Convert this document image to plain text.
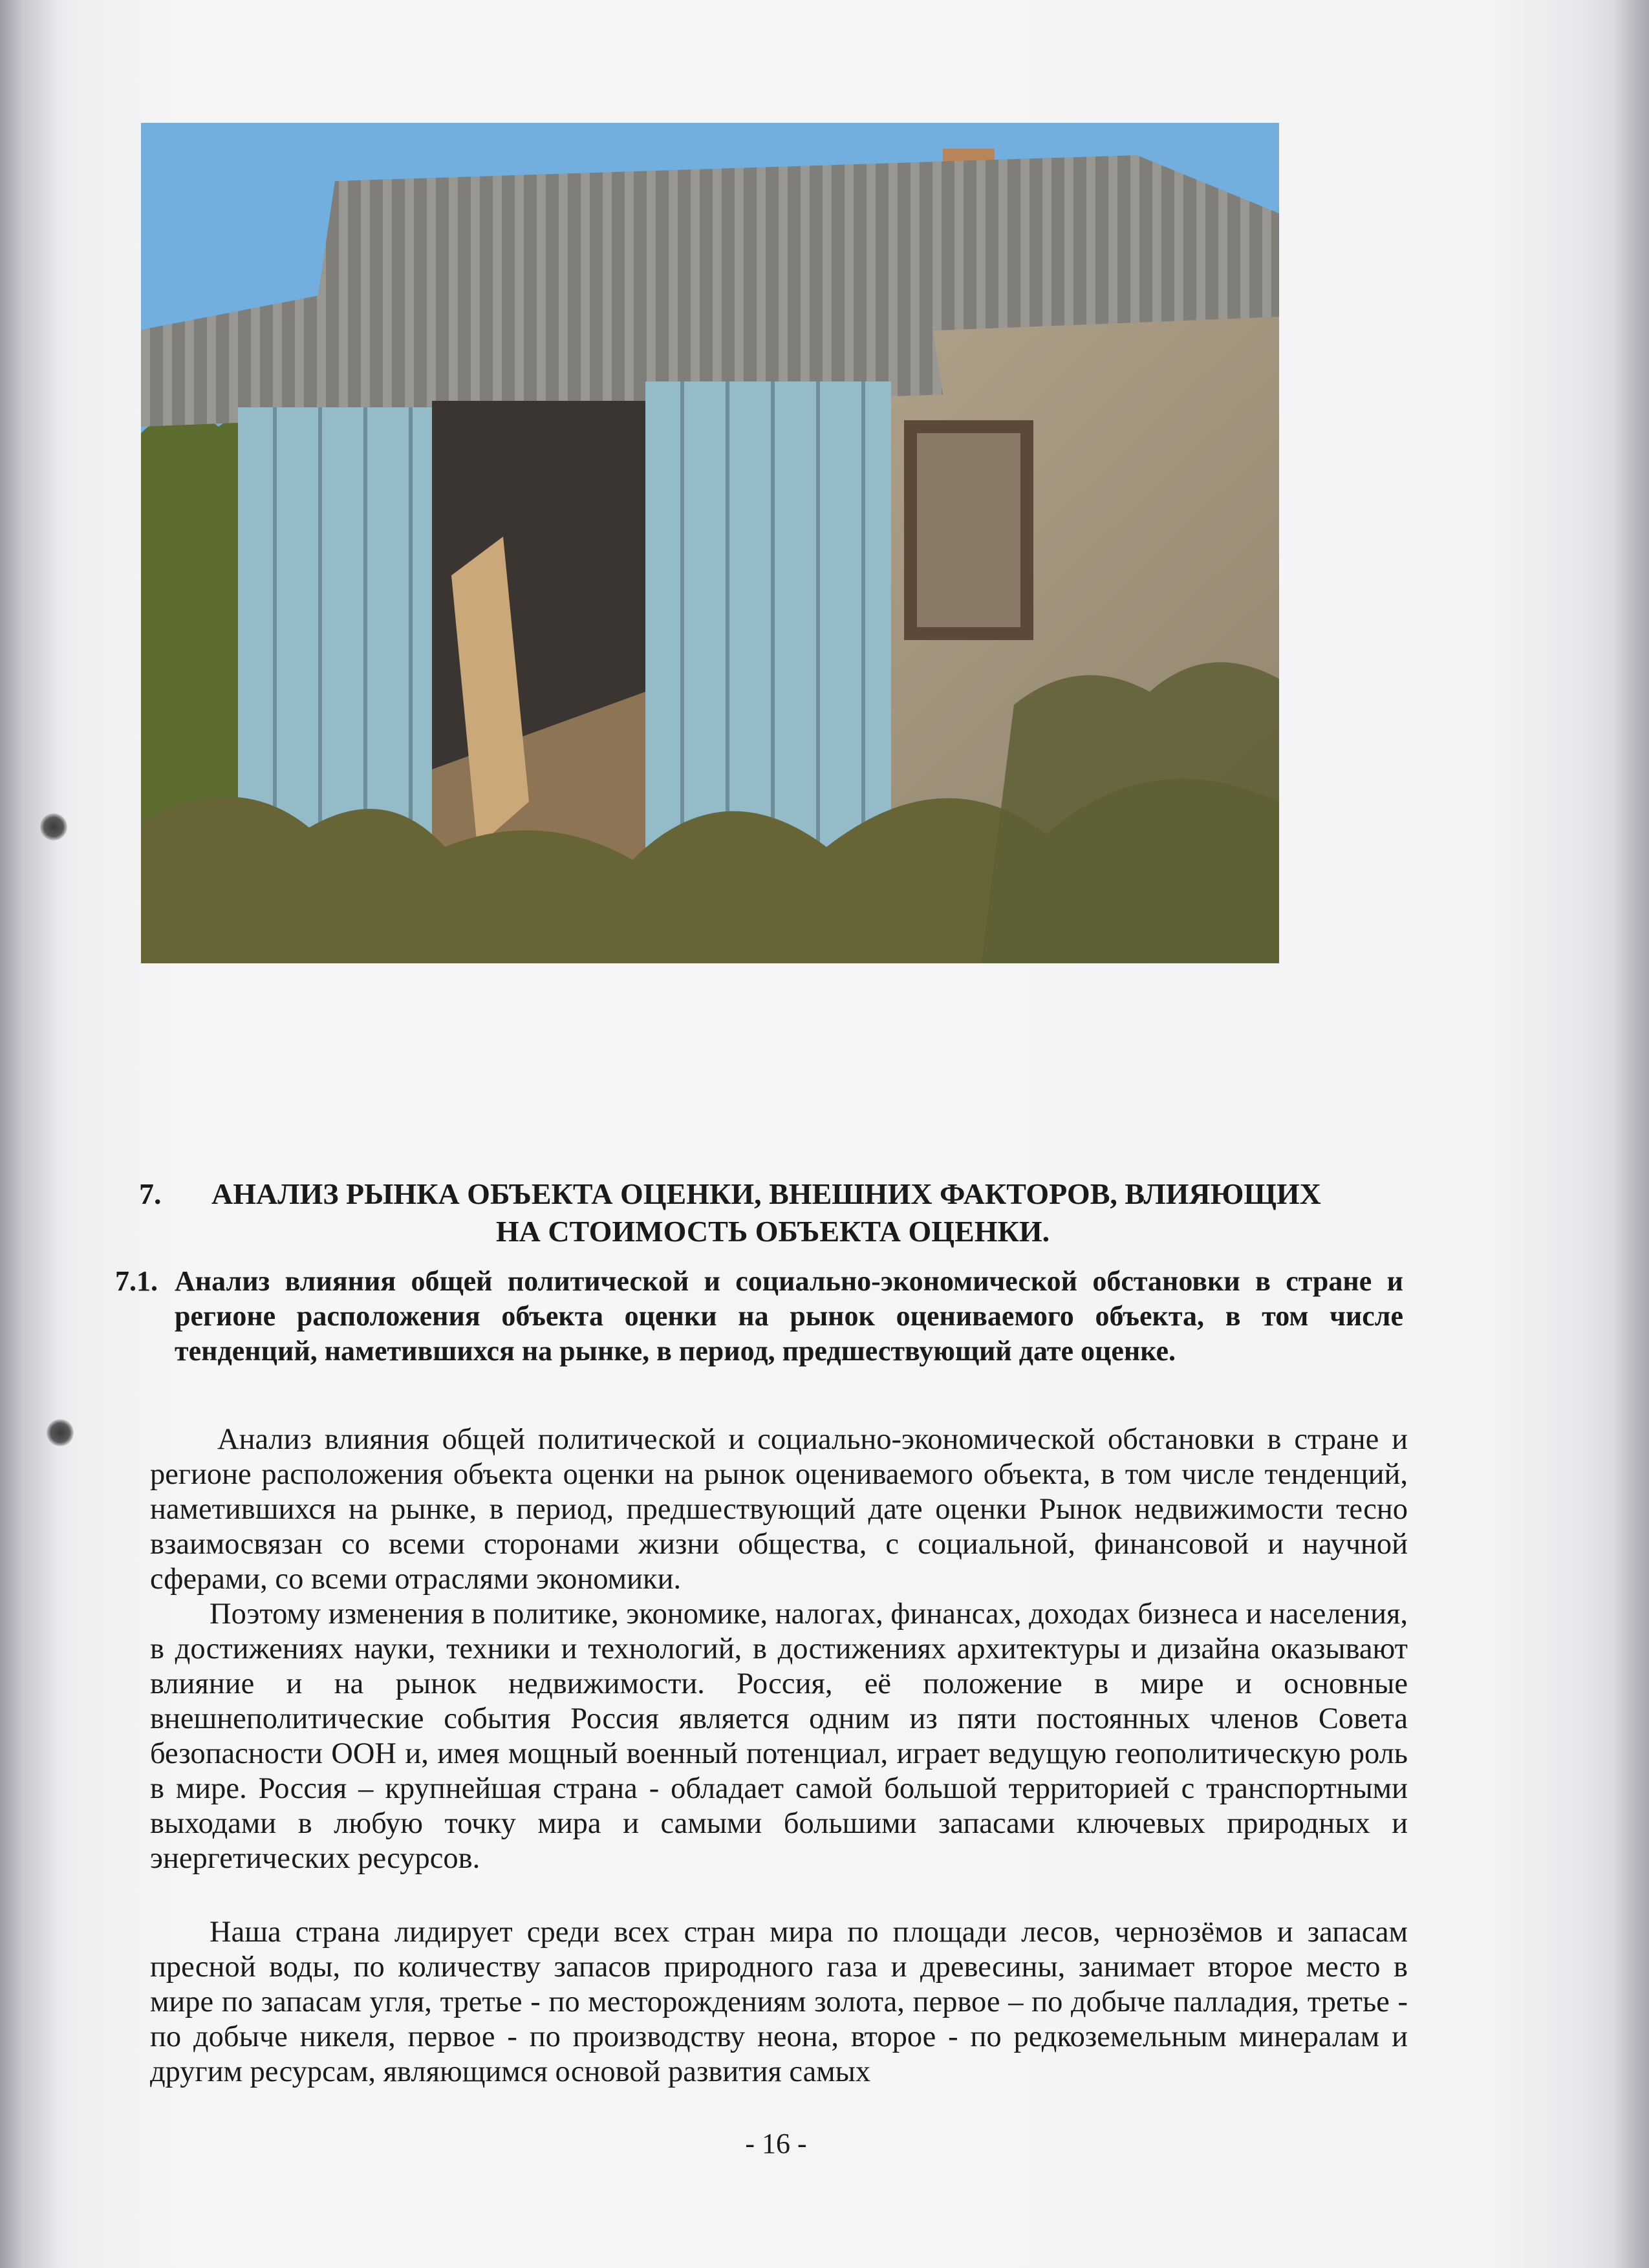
7. АНАЛИЗ РЫНКА ОБЪЕКТА ОЦЕНКИ, ВНЕШНИХ ФАКТОРОВ, ВЛИЯЮЩИХ
НА СТОИМОСТЬ ОБЪЕКТА ОЦЕНКИ.
7.1. Анализ влияния общей политической и социально-экономической обстановки в стране и регионе расположения объекта оценки на рынок оцениваемого объекта, в том числе тенденций, наметившихся на рынке, в период, предшествующий дате оценке.
Анализ влияния общей политической и социально-экономической обстановки в стране и регионе расположения объекта оценки на рынок оцениваемого объекта, в том числе тенденций, наметившихся на рынке, в период, предшествующий дате оценки Рынок недвижимости тесно взаимосвязан со всеми сторонами жизни общества, с социальной, финансовой и научной сферами, со всеми отраслями экономики.
Поэтому изменения в политике, экономике, налогах, финансах, доходах бизнеса и населения, в достижениях науки, техники и технологий, в достижениях архитектуры и дизайна оказывают влияние и на рынок недвижимости. Россия, её положение в мире и основные внешнеполитические события Россия является одним из пяти постоянных членов Совета безопасности ООН и, имея мощный военный потенциал, играет ведущую геополитическую роль в мире. Россия – крупнейшая страна - обладает самой большой территорией с транспортными выходами в любую точку мира и самыми большими запасами ключевых природных и энергетических ресурсов.
Наша страна лидирует среди всех стран мира по площади лесов, чернозёмов и запасам пресной воды, по количеству запасов природного газа и древесины, занимает второе место в мире по запасам угля, третье - по месторождениям золота, первое – по добыче палладия, третье - по добыче никеля, первое - по производству неона, второе - по редкоземельным минералам и другим ресурсам, являющимся основой развития самых
- 16 -
